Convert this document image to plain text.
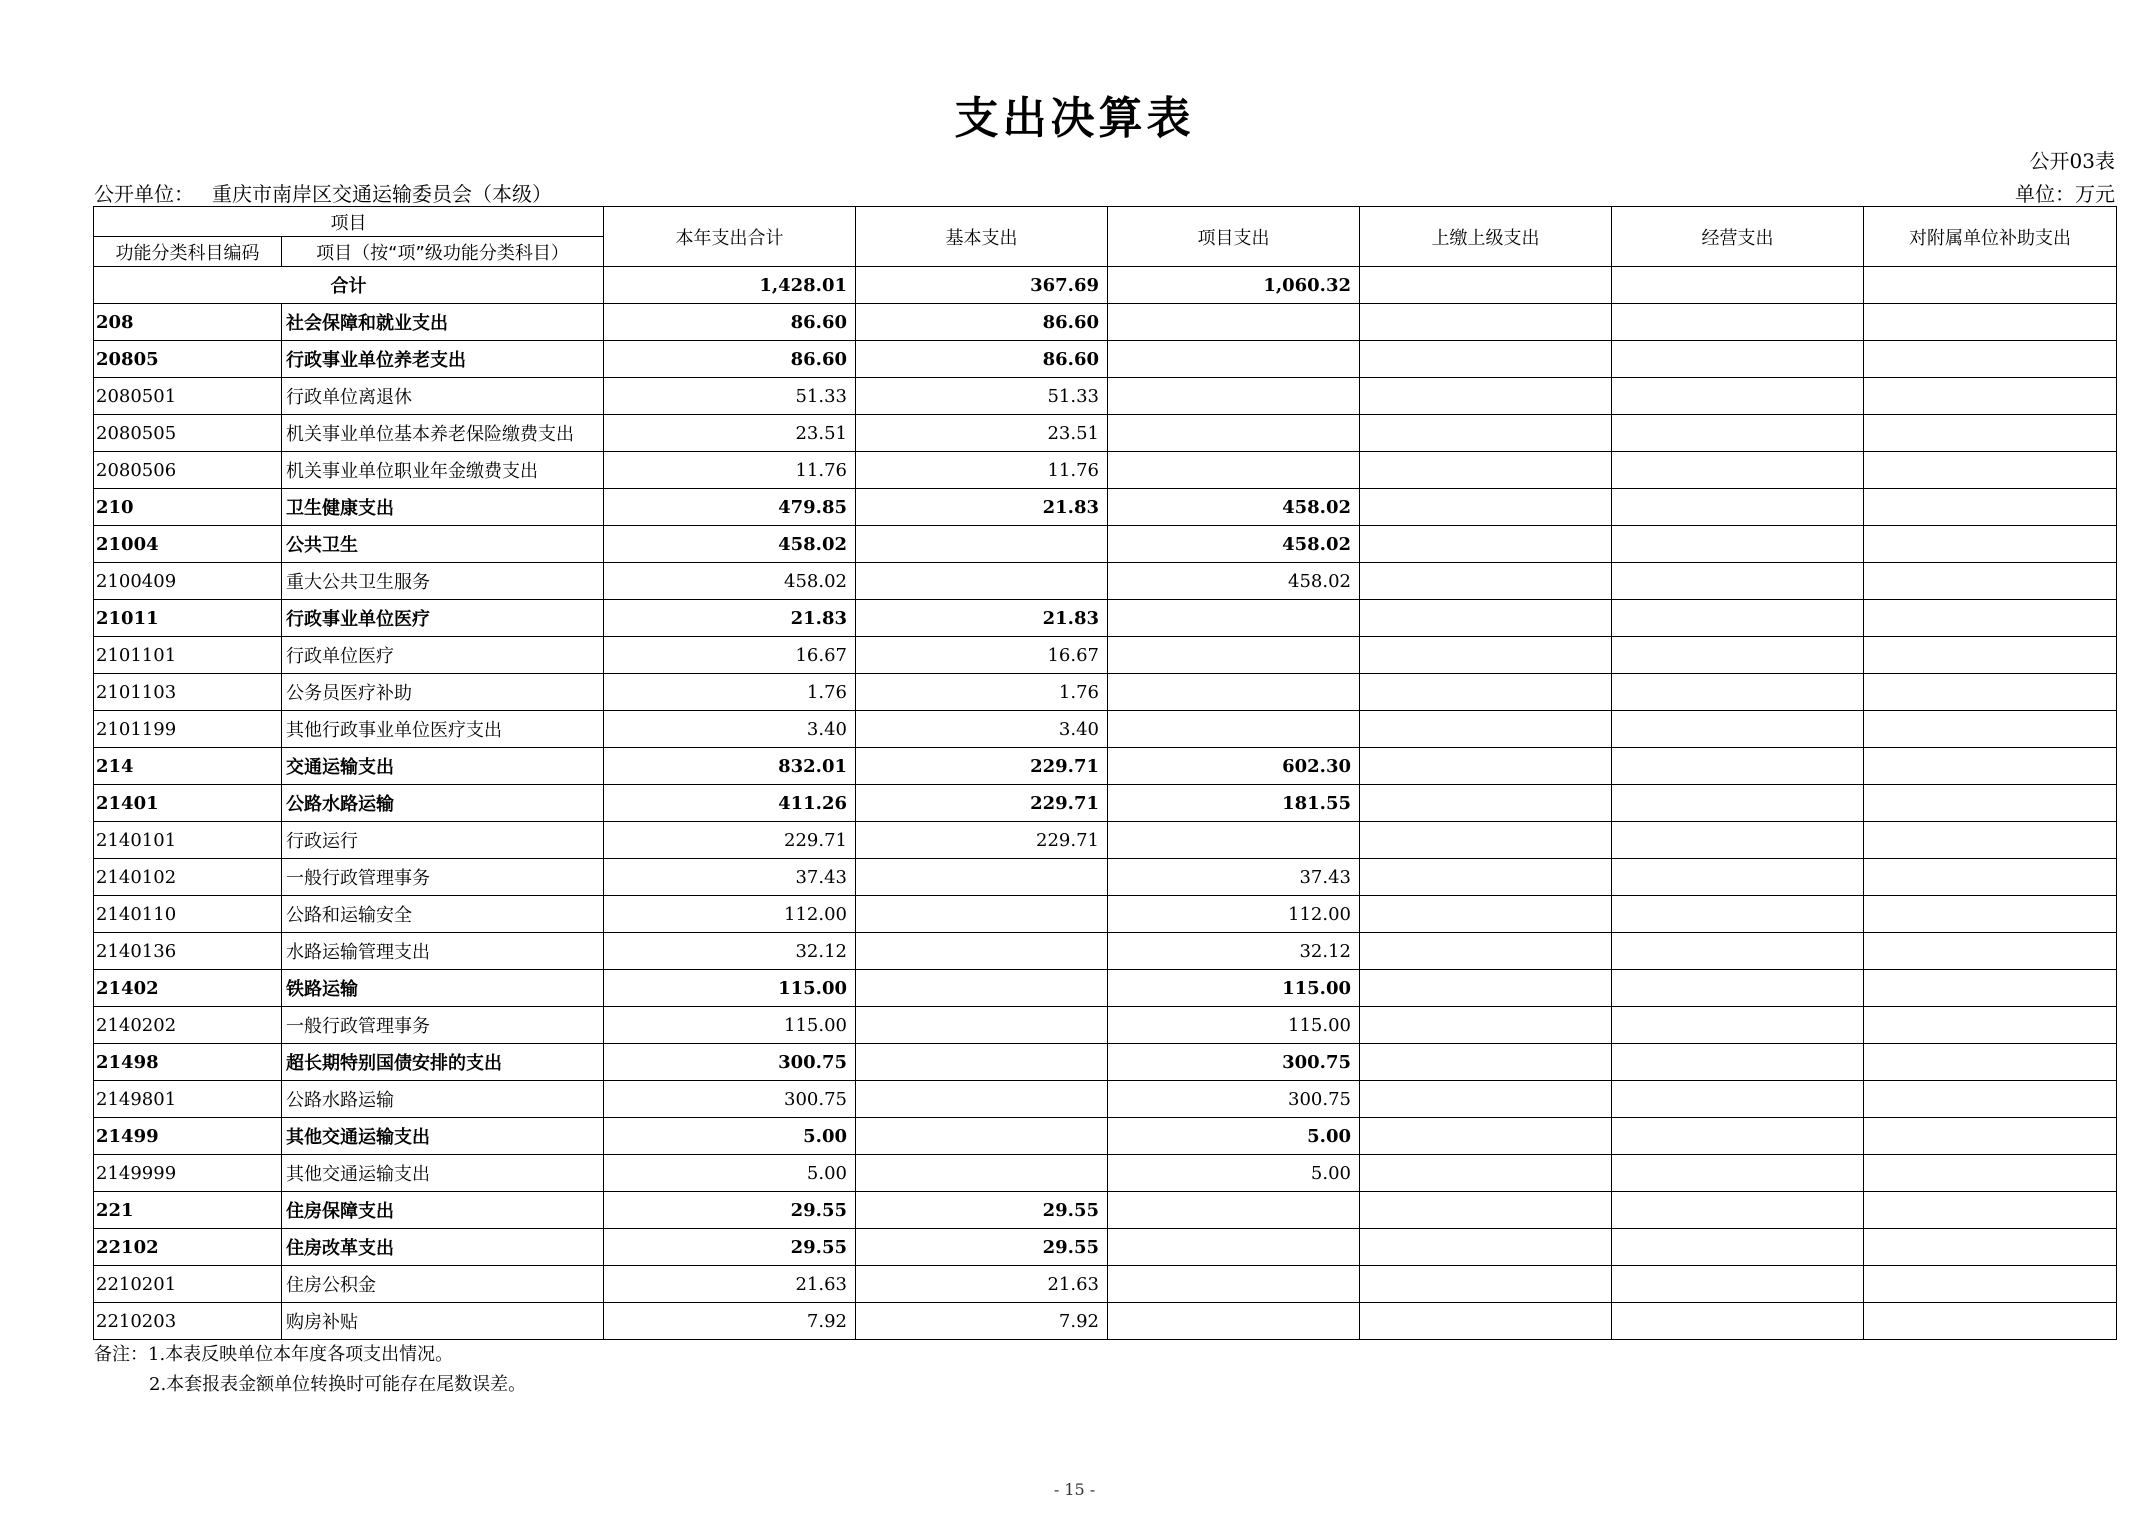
支出决算表
公开03表
公开单位： 重庆市南岸区交通运输委员会（本级）	单位：万元
项目		本年支出合计	基本支出	项目支出	上缴上级支出	经营支出	对附属单位补助支出
功能分类科目编码	项目（按“项”级功能分类科目）						
合计		1,428.01	367.69	1,060.32			
208	社会保障和就业支出	86.60	86.60				
20805	行政事业单位养老支出	86.60	86.60				
2080501	行政单位离退休	51.33	51.33				
2080505	机关事业单位基本养老保险缴费支出	23.51	23.51				
2080506	机关事业单位职业年金缴费支出	11.76	11.76				
210	卫生健康支出	479.85	21.83	458.02			
21004	公共卫生	458.02		458.02			
2100409	重大公共卫生服务	458.02		458.02			
21011	行政事业单位医疗	21.83	21.83				
2101101	行政单位医疗	16.67	16.67				
2101103	公务员医疗补助	1.76	1.76				
2101199	其他行政事业单位医疗支出	3.40	3.40				
214	交通运输支出	832.01	229.71	602.30			
21401	公路水路运输	411.26	229.71	181.55			
2140101	行政运行	229.71	229.71				
2140102	一般行政管理事务	37.43		37.43			
2140110	公路和运输安全	112.00		112.00			
2140136	水路运输管理支出	32.12		32.12			
21402	铁路运输	115.00		115.00			
2140202	一般行政管理事务	115.00		115.00			
21498	超长期特别国债安排的支出	300.75		300.75			
2149801	公路水路运输	300.75		300.75			
21499	其他交通运输支出	5.00		5.00			
2149999	其他交通运输支出	5.00		5.00			
221	住房保障支出	29.55	29.55				
22102	住房改革支出	29.55	29.55				
2210201	住房公积金	21.63	21.63				
2210203	购房补贴	7.92	7.92				
备注：1.本表反映单位本年度各项支出情况。
2.本套报表金额单位转换时可能存在尾数误差。
- 15 -
